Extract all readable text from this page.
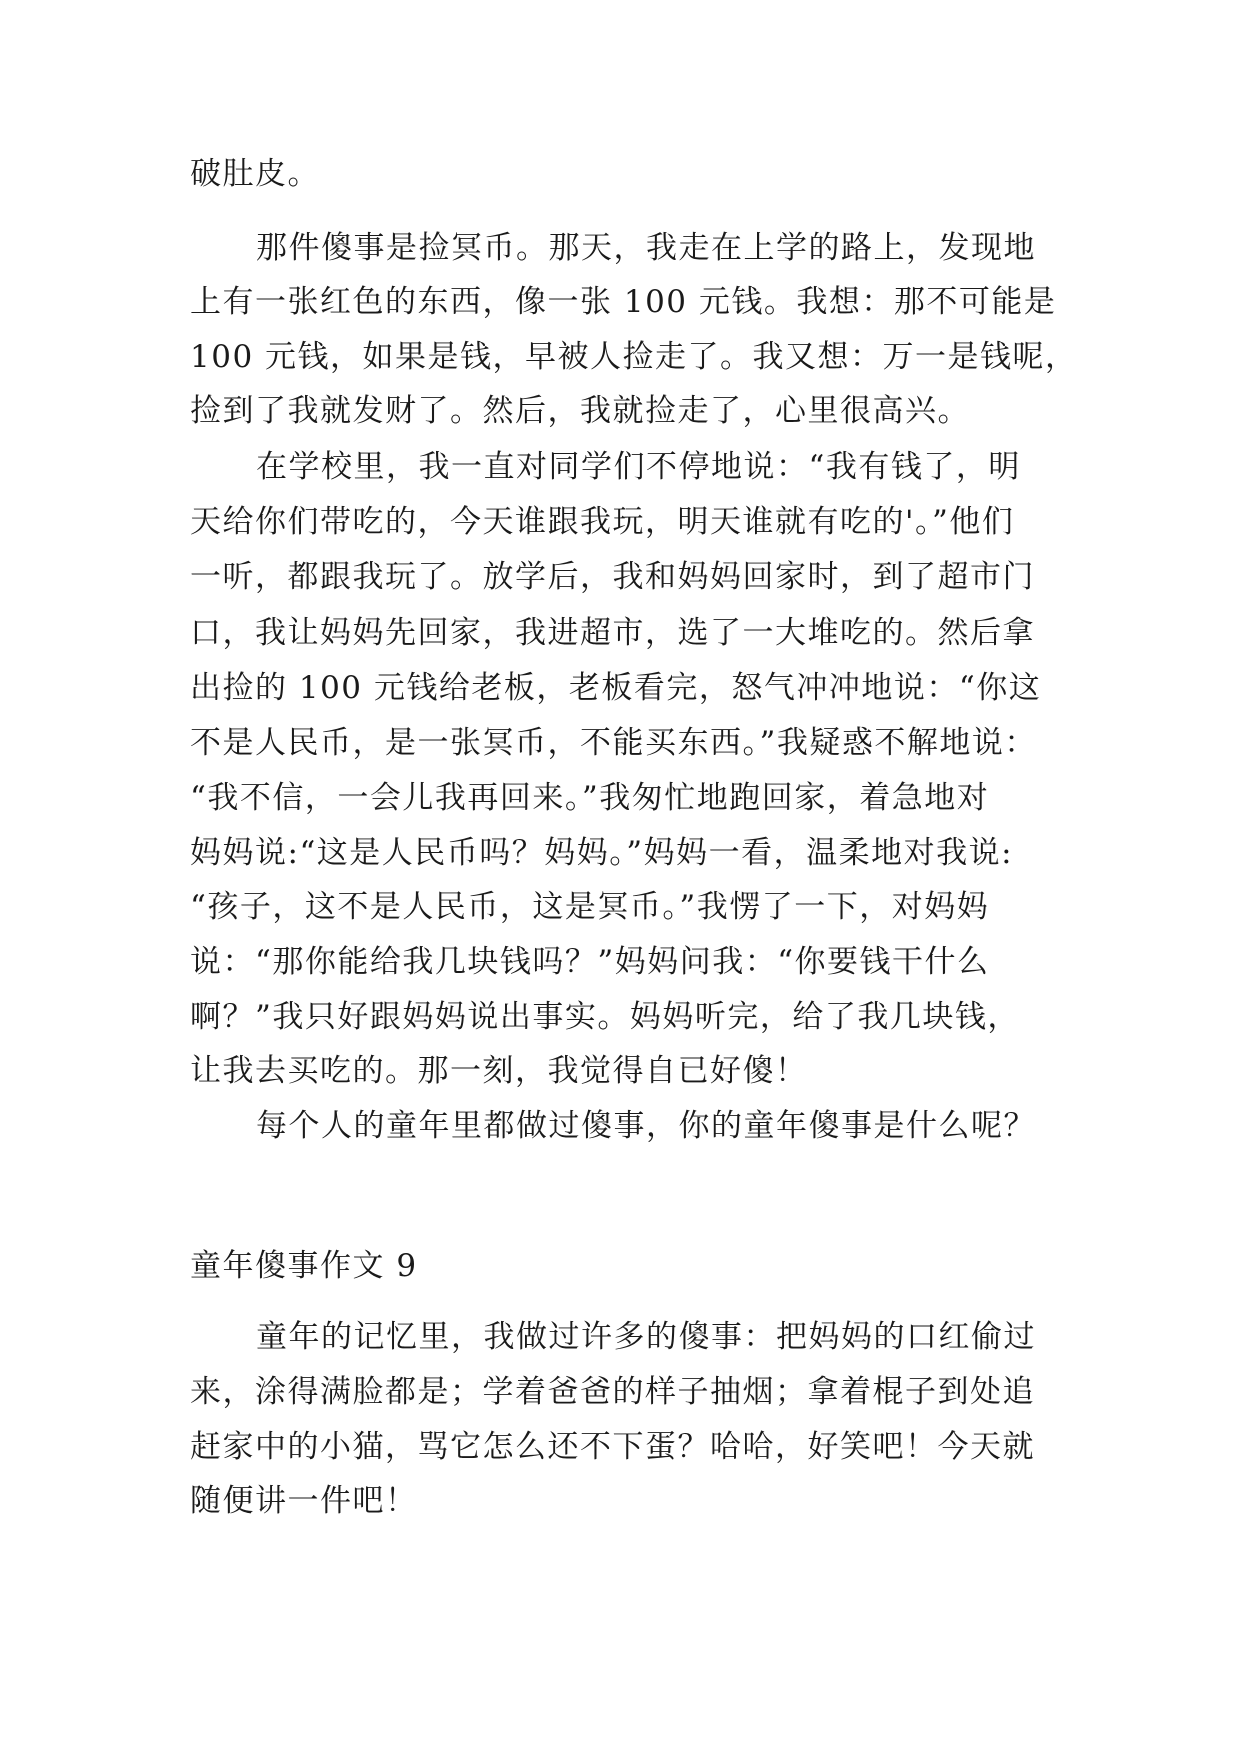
破肚皮。
那件傻事是捡冥币。那天，我走在上学的路上，发现地
上有一张红色的东西，像一张 100 元钱。我想：那不可能是
100 元钱，如果是钱，早被人捡走了。我又想：万一是钱呢，
捡到了我就发财了。然后，我就捡走了，心里很高兴。
在学校里，我一直对同学们不停地说：“我有钱了，明
天给你们带吃的，今天谁跟我玩，明天谁就有吃的'。”他们
一听，都跟我玩了。放学后，我和妈妈回家时，到了超市门
口，我让妈妈先回家，我进超市，选了一大堆吃的。然后拿
出捡的 100 元钱给老板，老板看完，怒气冲冲地说：“你这
不是人民币，是一张冥币，不能买东西。”我疑惑不解地说：
“我不信，一会儿我再回来。”我匆忙地跑回家，着急地对
妈妈说:“这是人民币吗？妈妈。”妈妈一看，温柔地对我说:
“孩子，这不是人民币，这是冥币。”我愣了一下，对妈妈
说：“那你能给我几块钱吗？”妈妈问我：“你要钱干什么
啊？”我只好跟妈妈说出事实。妈妈听完，给了我几块钱，
让我去买吃的。那一刻，我觉得自已好傻！
每个人的童年里都做过傻事，你的童年傻事是什么呢？
童年傻事作文 9
童年的记忆里，我做过许多的傻事：把妈妈的口红偷过
来，涂得满脸都是；学着爸爸的样子抽烟；拿着棍子到处追
赶家中的小猫，骂它怎么还不下蛋？哈哈，好笑吧！今天就
随便讲一件吧！
